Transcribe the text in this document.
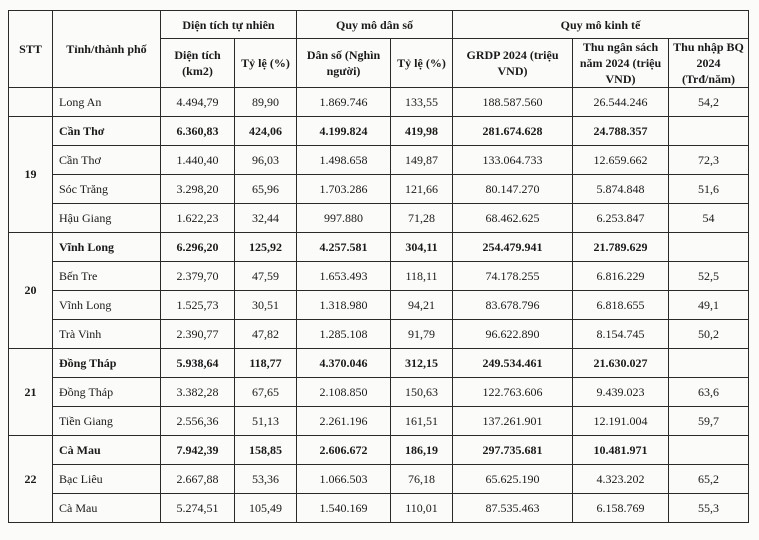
STT	Tỉnh/thành phố	Diện tích tự nhiên		Quy mô dân số		Quy mô kinh tế		
		Diện tích (km2)	Tỷ lệ (%)	Dân số (Nghìn người)	Tỷ lệ (%)	GRDP 2024 (triệu VND)	Thu ngân sách năm 2024 (triệu VND)	Thu nhập BQ 2024 (Trđ/năm)
	Long An	4.494,79	89,90	1.869.746	133,55	188.587.560	26.544.246	54,2
19	Cần Thơ	6.360,83	424,06	4.199.824	419,98	281.674.628	24.788.357	
	Cần Thơ	1.440,40	96,03	1.498.658	149,87	133.064.733	12.659.662	72,3
	Sóc Trăng	3.298,20	65,96	1.703.286	121,66	80.147.270	5.874.848	51,6
	Hậu Giang	1.622,23	32,44	997.880	71,28	68.462.625	6.253.847	54
20	Vĩnh Long	6.296,20	125,92	4.257.581	304,11	254.479.941	21.789.629	
	Bến Tre	2.379,70	47,59	1.653.493	118,11	74.178.255	6.816.229	52,5
	Vĩnh Long	1.525,73	30,51	1.318.980	94,21	83.678.796	6.818.655	49,1
	Trà Vinh	2.390,77	47,82	1.285.108	91,79	96.622.890	8.154.745	50,2
21	Đồng Tháp	5.938,64	118,77	4.370.046	312,15	249.534.461	21.630.027	
	Đồng Tháp	3.382,28	67,65	2.108.850	150,63	122.763.606	9.439.023	63,6
	Tiền Giang	2.556,36	51,13	2.261.196	161,51	137.261.901	12.191.004	59,7
22	Cà Mau	7.942,39	158,85	2.606.672	186,19	297.735.681	10.481.971	
	Bạc Liêu	2.667,88	53,36	1.066.503	76,18	65.625.190	4.323.202	65,2
	Cà Mau	5.274,51	105,49	1.540.169	110,01	87.535.463	6.158.769	55,3
